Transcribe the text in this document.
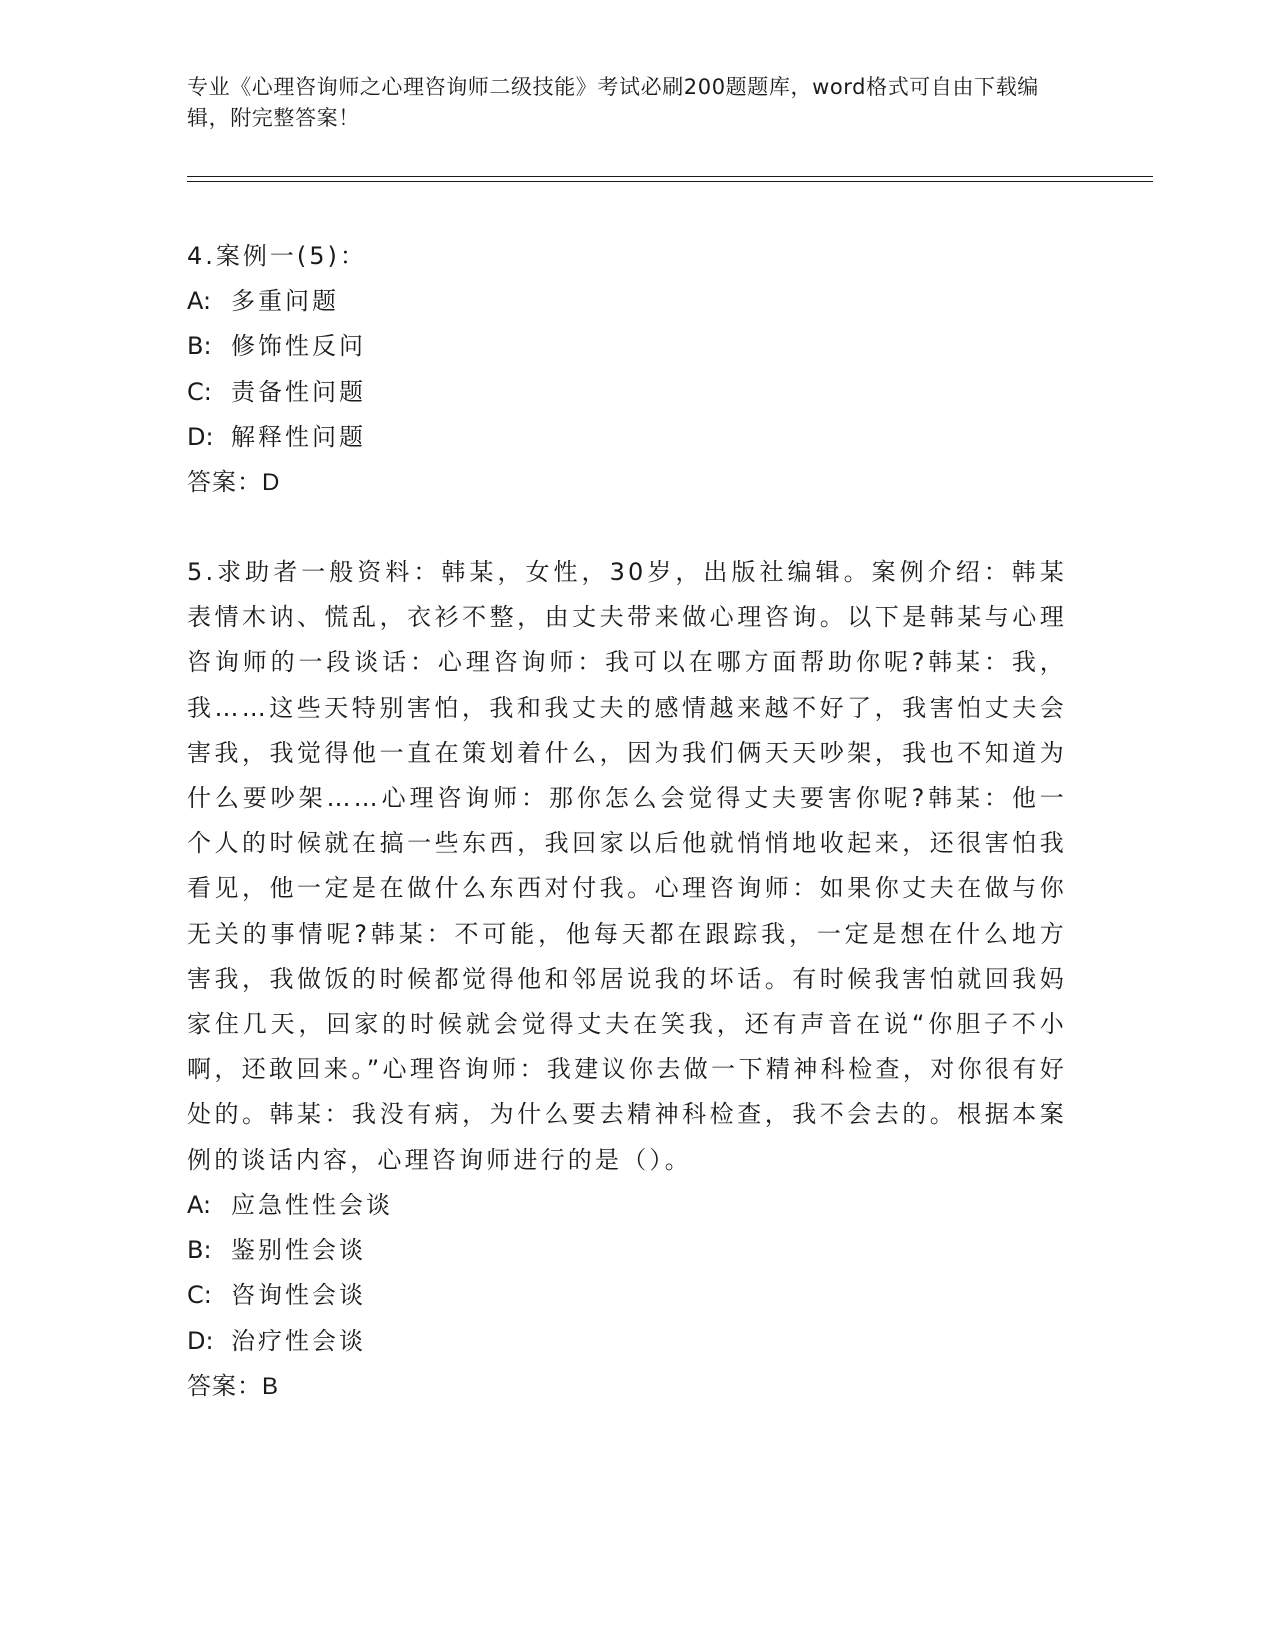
专业《心理咨询师之心理咨询师二级技能》考试必刷200题题库，word格式可自由下载编辑，附完整答案！
4.案例一(5)：
A: 多重问题
B: 修饰性反问
C: 责备性问题
D: 解释性问题
答案：D
5.求助者一般资料：韩某，女性，30岁，出版社编辑。案例介绍：韩某表情木讷、慌乱，衣衫不整，由丈夫带来做心理咨询。以下是韩某与心理咨询师的一段谈话：心理咨询师：我可以在哪方面帮助你呢?韩某：我，我……这些天特别害怕，我和我丈夫的感情越来越不好了，我害怕丈夫会害我，我觉得他一直在策划着什么，因为我们俩天天吵架，我也不知道为什么要吵架……心理咨询师：那你怎么会觉得丈夫要害你呢?韩某：他一个人的时候就在搞一些东西，我回家以后他就悄悄地收起来，还很害怕我看见，他一定是在做什么东西对付我。心理咨询师：如果你丈夫在做与你无关的事情呢?韩某：不可能，他每天都在跟踪我，一定是想在什么地方害我，我做饭的时候都觉得他和邻居说我的坏话。有时候我害怕就回我妈家住几天，回家的时候就会觉得丈夫在笑我，还有声音在说“你胆子不小啊，还敢回来。”心理咨询师：我建议你去做一下精神科检查，对你很有好处的。韩某：我没有病，为什么要去精神科检查，我不会去的。根据本案例的谈话内容，心理咨询师进行的是（）。
A: 应急性性会谈
B: 鉴别性会谈
C: 咨询性会谈
D: 治疗性会谈
答案：B
